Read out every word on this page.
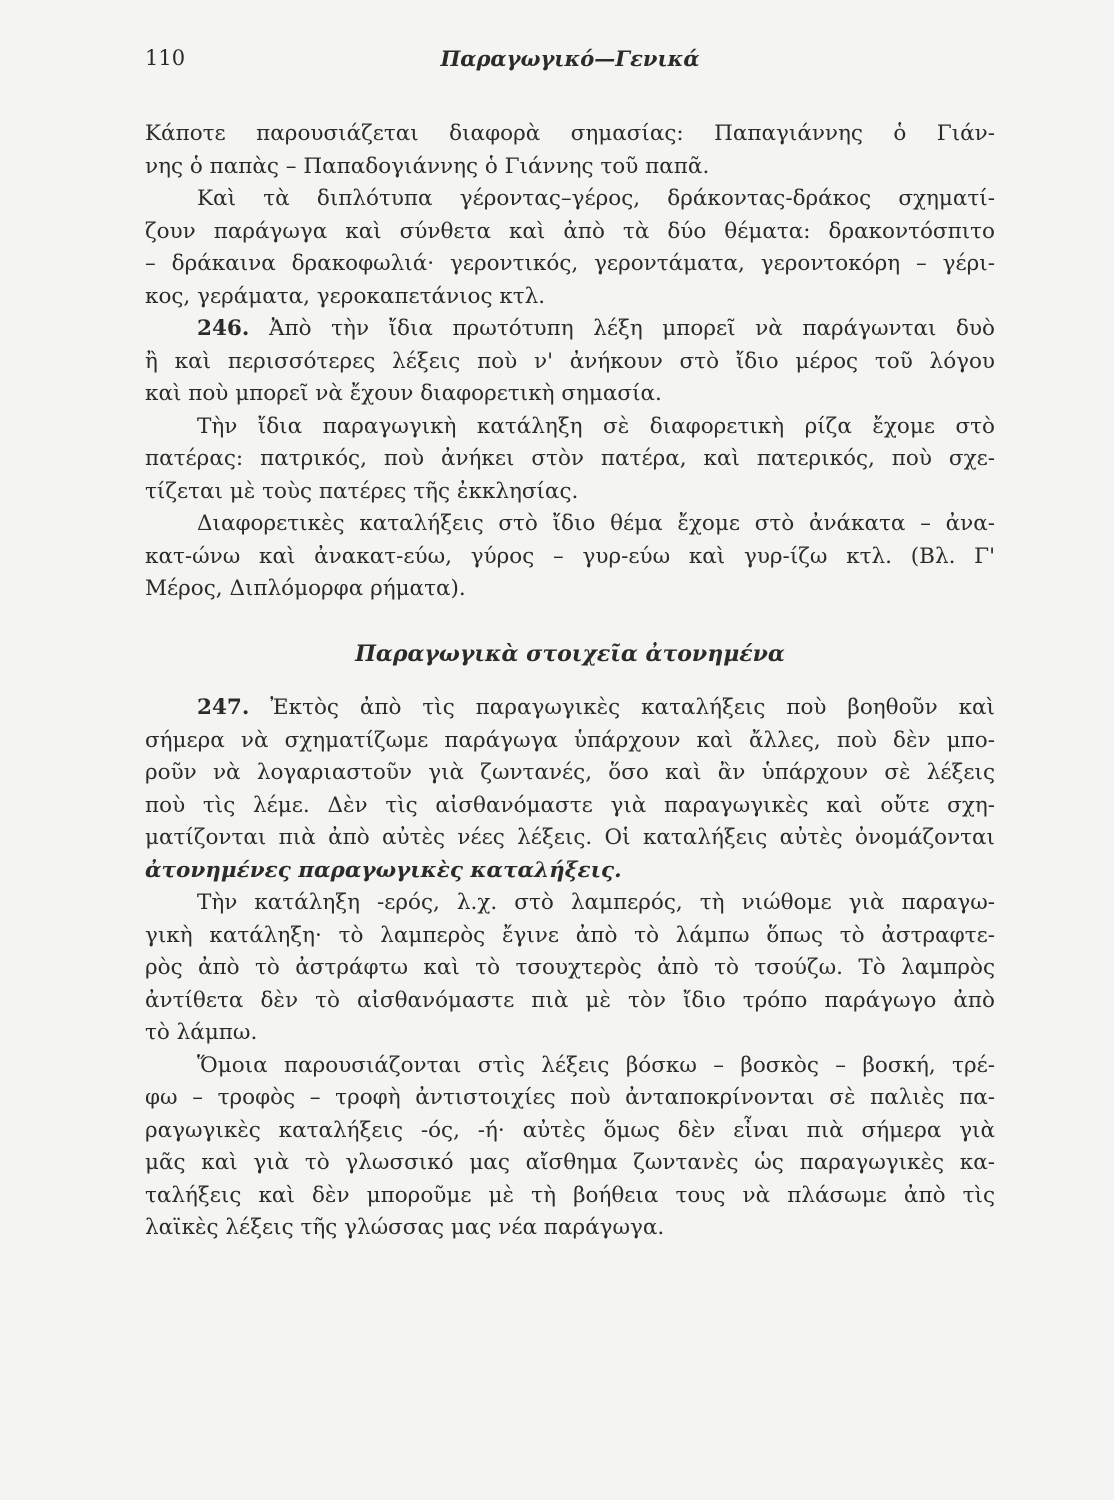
110	Παραγωγικό—Γενικά
Κάποτε παρουσιάζεται διαφορὰ σημασίας: Παπαγιάννης ὁ Γιάν-
νης ὁ παπὰς – Παπαδογιάννης ὁ Γιάννης τοῦ παπᾶ.
Καὶ τὰ διπλότυπα γέροντας–γέρος, δράκοντας-δράκος σχηματί-
ζουν παράγωγα καὶ σύνθετα καὶ ἀπὸ τὰ δύο θέματα: δρακοντόσπιτο
– δράκαινα δρακοφωλιά· γεροντικός, γεροντάματα, γεροντοκόρη – γέρι-
κος, γεράματα, γεροκαπετάνιος κτλ.
246. Ἀπὸ τὴν ἴδια πρωτότυπη λέξη μπορεῖ νὰ παράγωνται δυὸ
ἢ καὶ περισσότερες λέξεις ποὺ ν' ἀνήκουν στὸ ἴδιο μέρος τοῦ λόγου
καὶ ποὺ μπορεῖ νὰ ἔχουν διαφορετικὴ σημασία.
Τὴν ἴδια παραγωγικὴ κατάληξη σὲ διαφορετικὴ ρίζα ἔχομε στὸ
πατέρας: πατρικός, ποὺ ἀνήκει στὸν πατέρα, καὶ πατερικός, ποὺ σχε-
τίζεται μὲ τοὺς πατέρες τῆς ἐκκλησίας.
Διαφορετικὲς καταλήξεις στὸ ἴδιο θέμα ἔχομε στὸ ἀνάκατα – ἀνα-
κατ-ώνω καὶ ἀνακατ-εύω, γύρος – γυρ-εύω καὶ γυρ-ίζω κτλ. (Βλ. Γ'
Μέρος, Διπλόμορφα ρήματα).

Παραγωγικὰ στοιχεῖα ἀτονημένα

247. Ἐκτὸς ἀπὸ τὶς παραγωγικὲς καταλήξεις ποὺ βοηθοῦν καὶ
σήμερα νὰ σχηματίζωμε παράγωγα ὑπάρχουν καὶ ἄλλες, ποὺ δὲν μπο-
ροῦν νὰ λογαριαστοῦν γιὰ ζωντανές, ὅσο καὶ ἂν ὑπάρχουν σὲ λέξεις
ποὺ τὶς λέμε. Δὲν τὶς αἰσθανόμαστε γιὰ παραγωγικὲς καὶ οὔτε σχη-
ματίζονται πιὰ ἀπὸ αὐτὲς νέες λέξεις. Οἱ καταλήξεις αὐτὲς ὀνομάζονται
ἀτονημένες παραγωγικὲς καταλήξεις.
Τὴν κατάληξη -ερός, λ.χ. στὸ λαμπερός, τὴ νιώθομε γιὰ παραγω-
γικὴ κατάληξη· τὸ λαμπερὸς ἔγινε ἀπὸ τὸ λάμπω ὅπως τὸ ἀστραφτε-
ρὸς ἀπὸ τὸ ἀστράφτω καὶ τὸ τσουχτερὸς ἀπὸ τὸ τσούζω. Τὸ λαμπρὸς
ἀντίθετα δὲν τὸ αἰσθανόμαστε πιὰ μὲ τὸν ἴδιο τρόπο παράγωγο ἀπὸ
τὸ λάμπω.
Ὅμοια παρουσιάζονται στὶς λέξεις βόσκω – βοσκὸς – βοσκή, τρέ-
φω – τροφὸς – τροφὴ ἀντιστοιχίες ποὺ ἀνταποκρίνονται σὲ παλιὲς πα-
ραγωγικὲς καταλήξεις -ός, -ή· αὐτὲς ὅμως δὲν εἶναι πιὰ σήμερα γιὰ
μᾶς καὶ γιὰ τὸ γλωσσικό μας αἴσθημα ζωντανὲς ὡς παραγωγικὲς κα-
ταλήξεις καὶ δὲν μποροῦμε μὲ τὴ βοήθεια τους νὰ πλάσωμε ἀπὸ τὶς
λαϊκὲς λέξεις τῆς γλώσσας μας νέα παράγωγα.
